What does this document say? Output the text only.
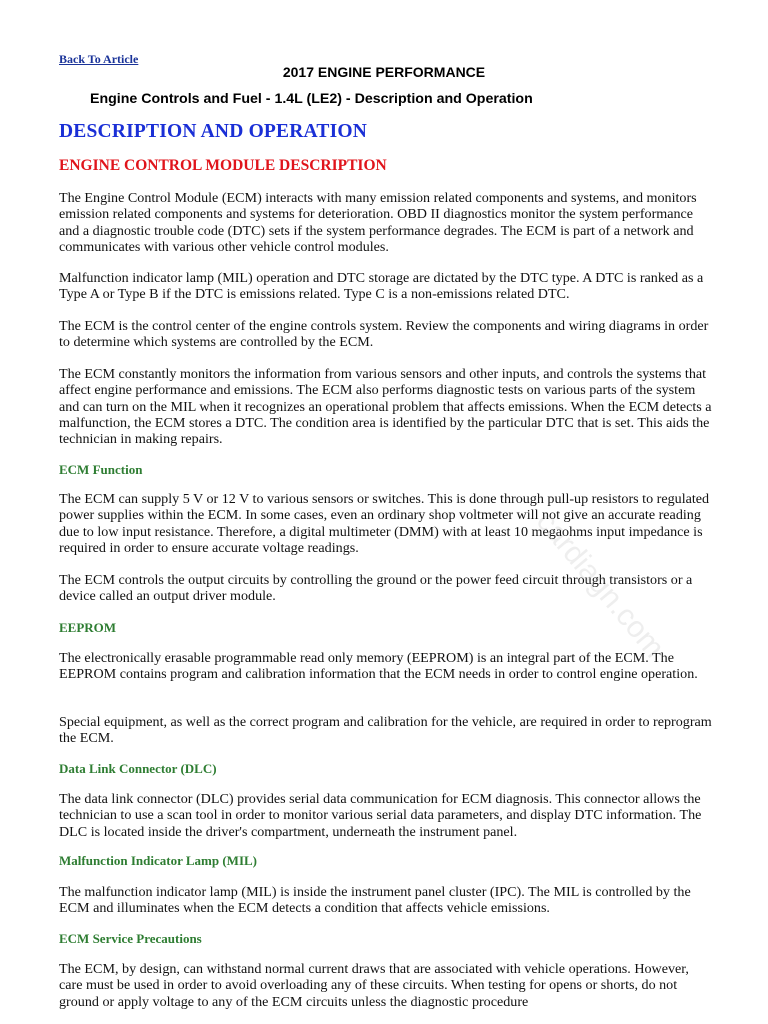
Back To Article
2017 ENGINE PERFORMANCE
Engine Controls and Fuel - 1.4L (LE2) - Description and Operation
DESCRIPTION AND OPERATION
ENGINE CONTROL MODULE DESCRIPTION
The Engine Control Module (ECM) interacts with many emission related components and systems, and monitors emission related components and systems for deterioration. OBD II diagnostics monitor the system performance and a diagnostic trouble code (DTC) sets if the system performance degrades. The ECM is part of a network and communicates with various other vehicle control modules.
Malfunction indicator lamp (MIL) operation and DTC storage are dictated by the DTC type. A DTC is ranked as a Type A or Type B if the DTC is emissions related. Type C is a non-emissions related DTC.
The ECM is the control center of the engine controls system. Review the components and wiring diagrams in order to determine which systems are controlled by the ECM.
The ECM constantly monitors the information from various sensors and other inputs, and controls the systems that affect engine performance and emissions. The ECM also performs diagnostic tests on various parts of the system and can turn on the MIL when it recognizes an operational problem that affects emissions. When the ECM detects a malfunction, the ECM stores a DTC. The condition area is identified by the particular DTC that is set. This aids the technician in making repairs.
ECM Function
The ECM can supply 5 V or 12 V to various sensors or switches. This is done through pull-up resistors to regulated power supplies within the ECM. In some cases, even an ordinary shop voltmeter will not give an accurate reading due to low input resistance. Therefore, a digital multimeter (DMM) with at least 10 megaohms input impedance is required in order to ensure accurate voltage readings.
The ECM controls the output circuits by controlling the ground or the power feed circuit through transistors or a device called an output driver module.
EEPROM
The electronically erasable programmable read only memory (EEPROM) is an integral part of the ECM. The EEPROM contains program and calibration information that the ECM needs in order to control engine operation.
Special equipment, as well as the correct program and calibration for the vehicle, are required in order to reprogram the ECM.
Data Link Connector (DLC)
The data link connector (DLC) provides serial data communication for ECM diagnosis. This connector allows the technician to use a scan tool in order to monitor various serial data parameters, and display DTC information. The DLC is located inside the driver's compartment, underneath the instrument panel.
Malfunction Indicator Lamp (MIL)
The malfunction indicator lamp (MIL) is inside the instrument panel cluster (IPC). The MIL is controlled by the ECM and illuminates when the ECM detects a condition that affects vehicle emissions.
ECM Service Precautions
The ECM, by design, can withstand normal current draws that are associated with vehicle operations. However, care must be used in order to avoid overloading any of these circuits. When testing for opens or shorts, do not ground or apply voltage to any of the ECM circuits unless the diagnostic procedure
cardiagn.com
